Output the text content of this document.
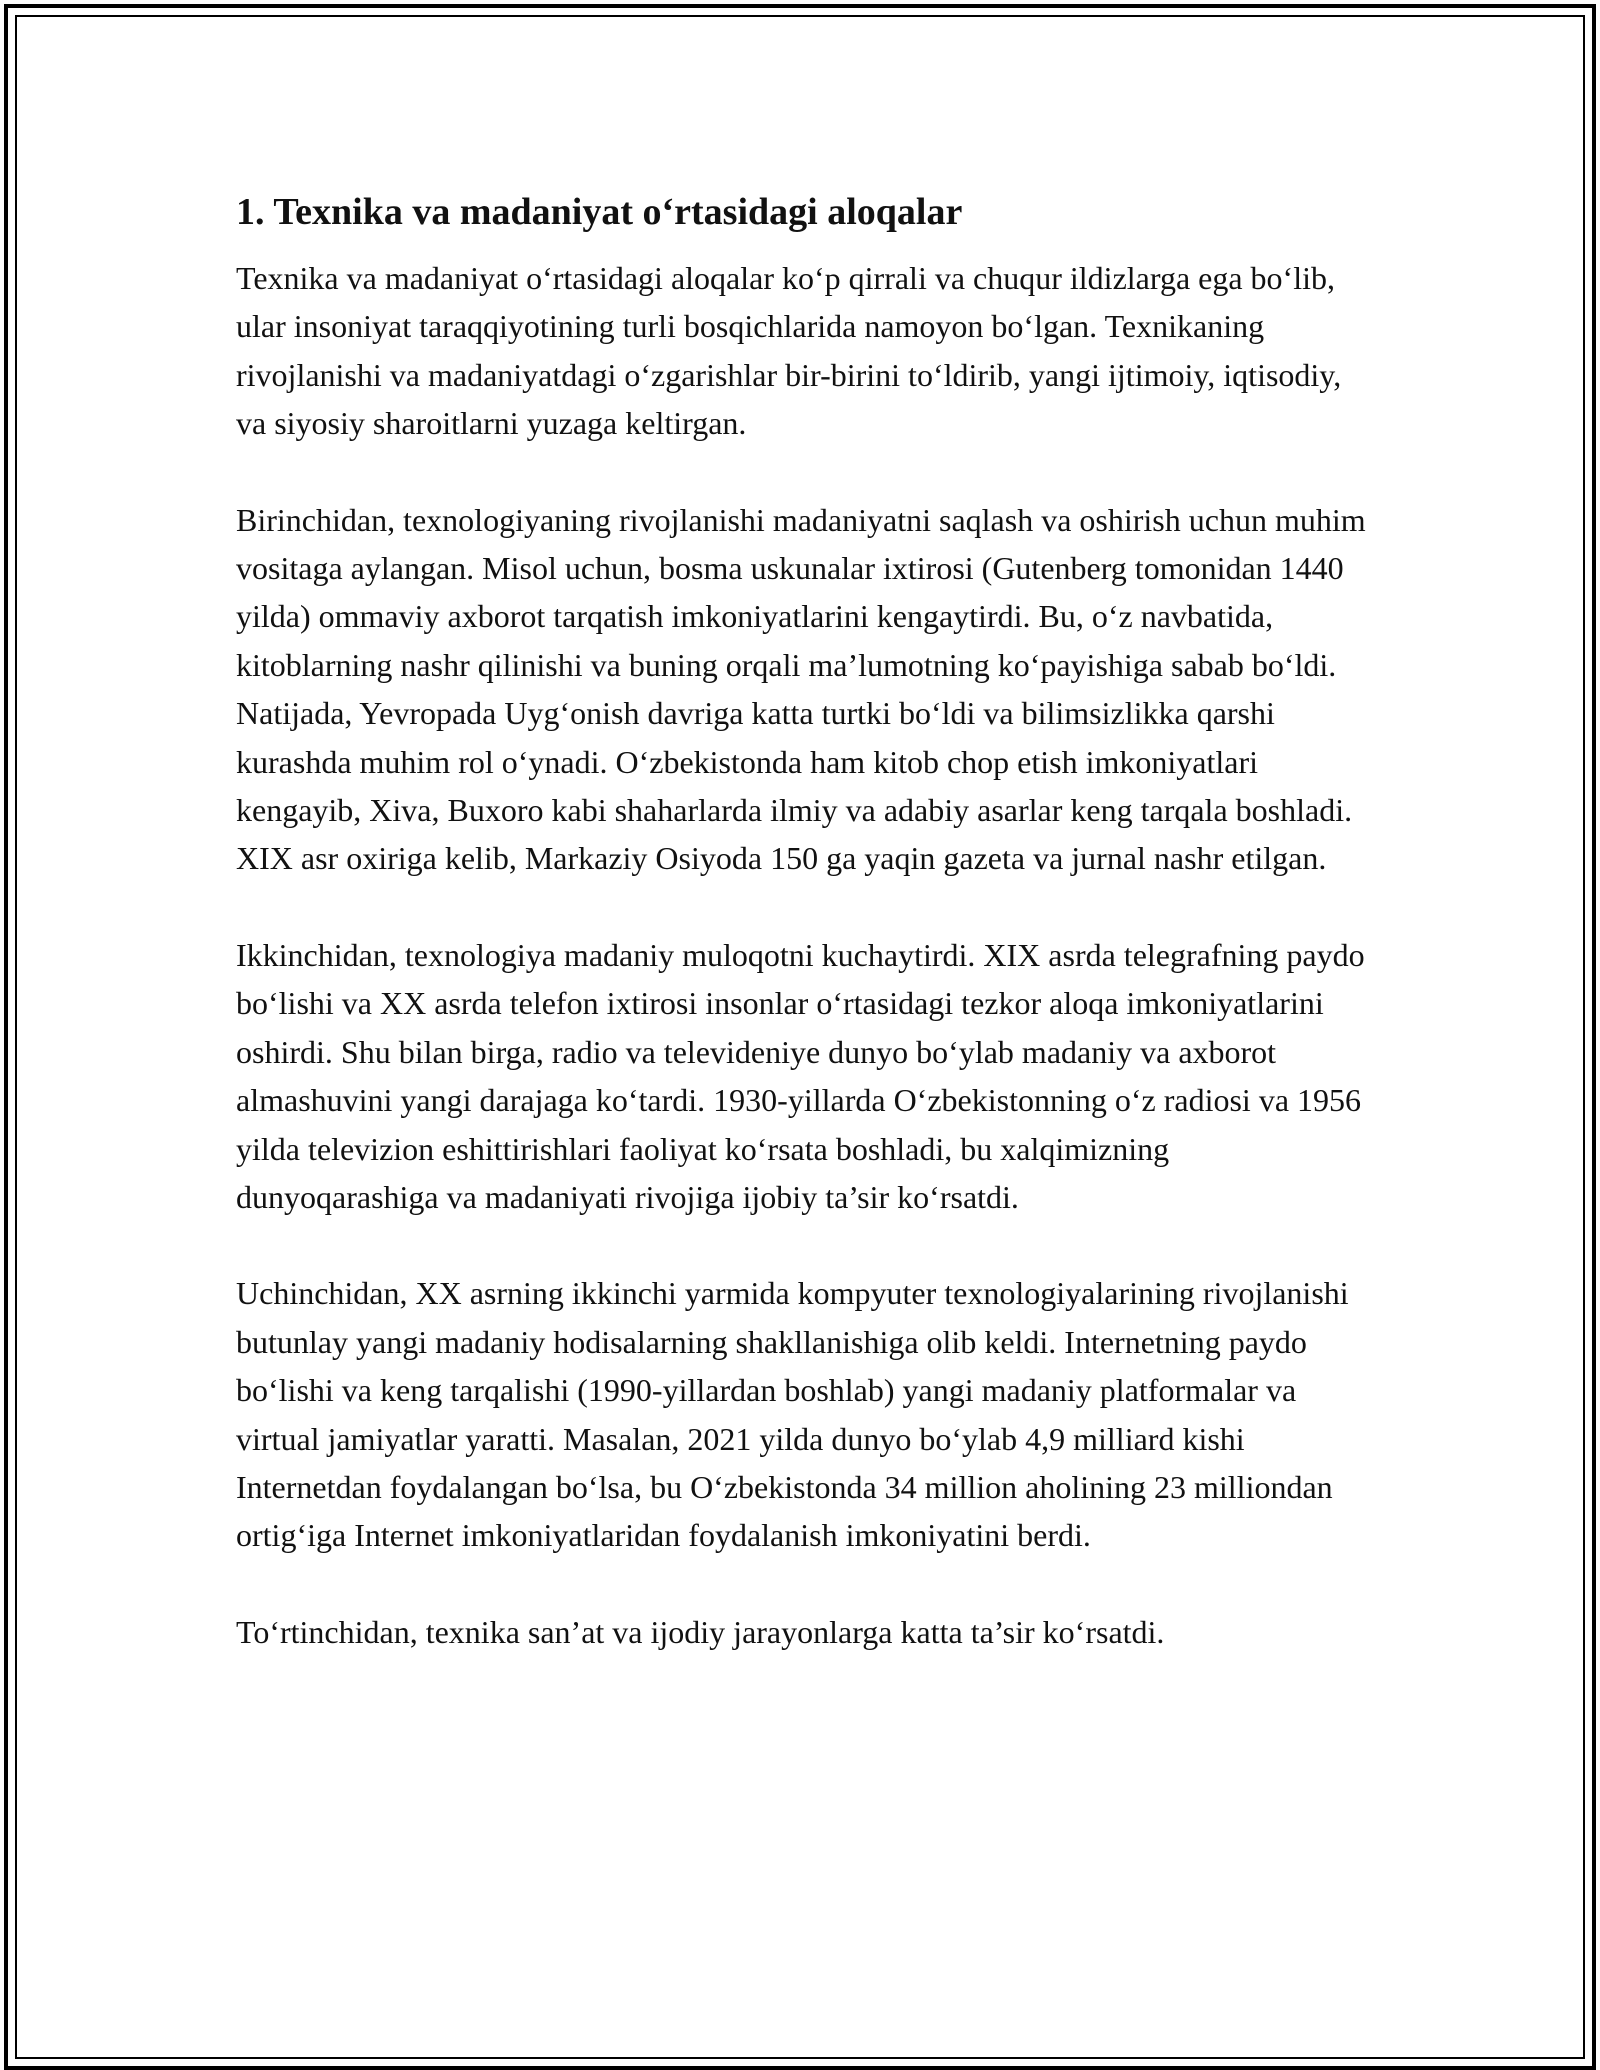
1. Texnika va madaniyat o‘rtasidagi aloqalar

Texnika va madaniyat o‘rtasidagi aloqalar ko‘p qirrali va chuqur ildizlarga ega bo‘lib, ular insoniyat taraqqiyotining turli bosqichlarida namoyon bo‘lgan. Texnikaning rivojlanishi va madaniyatdagi o‘zgarishlar bir-birini to‘ldirib, yangi ijtimoiy, iqtisodiy, va siyosiy sharoitlarni yuzaga keltirgan.

Birinchidan, texnologiyaning rivojlanishi madaniyatni saqlash va oshirish uchun muhim vositaga aylangan. Misol uchun, bosma uskunalar ixtirosi (Gutenberg tomonidan 1440 yilda) ommaviy axborot tarqatish imkoniyatlarini kengaytirdi. Bu, o‘z navbatida, kitoblarning nashr qilinishi va buning orqali ma’lumotning ko‘payishiga sabab bo‘ldi. Natijada, Yevropada Uyg‘onish davriga katta turtki bo‘ldi va bilimsizlikka qarshi kurashda muhim rol o‘ynadi. O‘zbekistonda ham kitob chop etish imkoniyatlari kengayib, Xiva, Buxoro kabi shaharlarda ilmiy va adabiy asarlar keng tarqala boshladi. XIX asr oxiriga kelib, Markaziy Osiyoda 150 ga yaqin gazeta va jurnal nashr etilgan.

Ikkinchidan, texnologiya madaniy muloqotni kuchaytirdi. XIX asrda telegrafning paydo bo‘lishi va XX asrda telefon ixtirosi insonlar o‘rtasidagi tezkor aloqa imkoniyatlarini oshirdi. Shu bilan birga, radio va televideniye dunyo bo‘ylab madaniy va axborot almashuvini yangi darajaga ko‘tardi. 1930-yillarda O‘zbekistonning o‘z radiosi va 1956 yilda televizion eshittirishlari faoliyat ko‘rsata boshladi, bu xalqimizning dunyoqarashiga va madaniyati rivojiga ijobiy ta’sir ko‘rsatdi.

Uchinchidan, XX asrning ikkinchi yarmida kompyuter texnologiyalarining rivojlanishi butunlay yangi madaniy hodisalarning shakllanishiga olib keldi. Internetning paydo bo‘lishi va keng tarqalishi (1990-yillardan boshlab) yangi madaniy platformalar va virtual jamiyatlar yaratti. Masalan, 2021 yilda dunyo bo‘ylab 4,9 milliard kishi Internetdan foydalangan bo‘lsa, bu O‘zbekistonda 34 million aholining 23 milliondan ortig‘iga Internet imkoniyatlaridan foydalanish imkoniyatini berdi.

To‘rtinchidan, texnika san’at va ijodiy jarayonlarga katta ta’sir ko‘rsatdi.
